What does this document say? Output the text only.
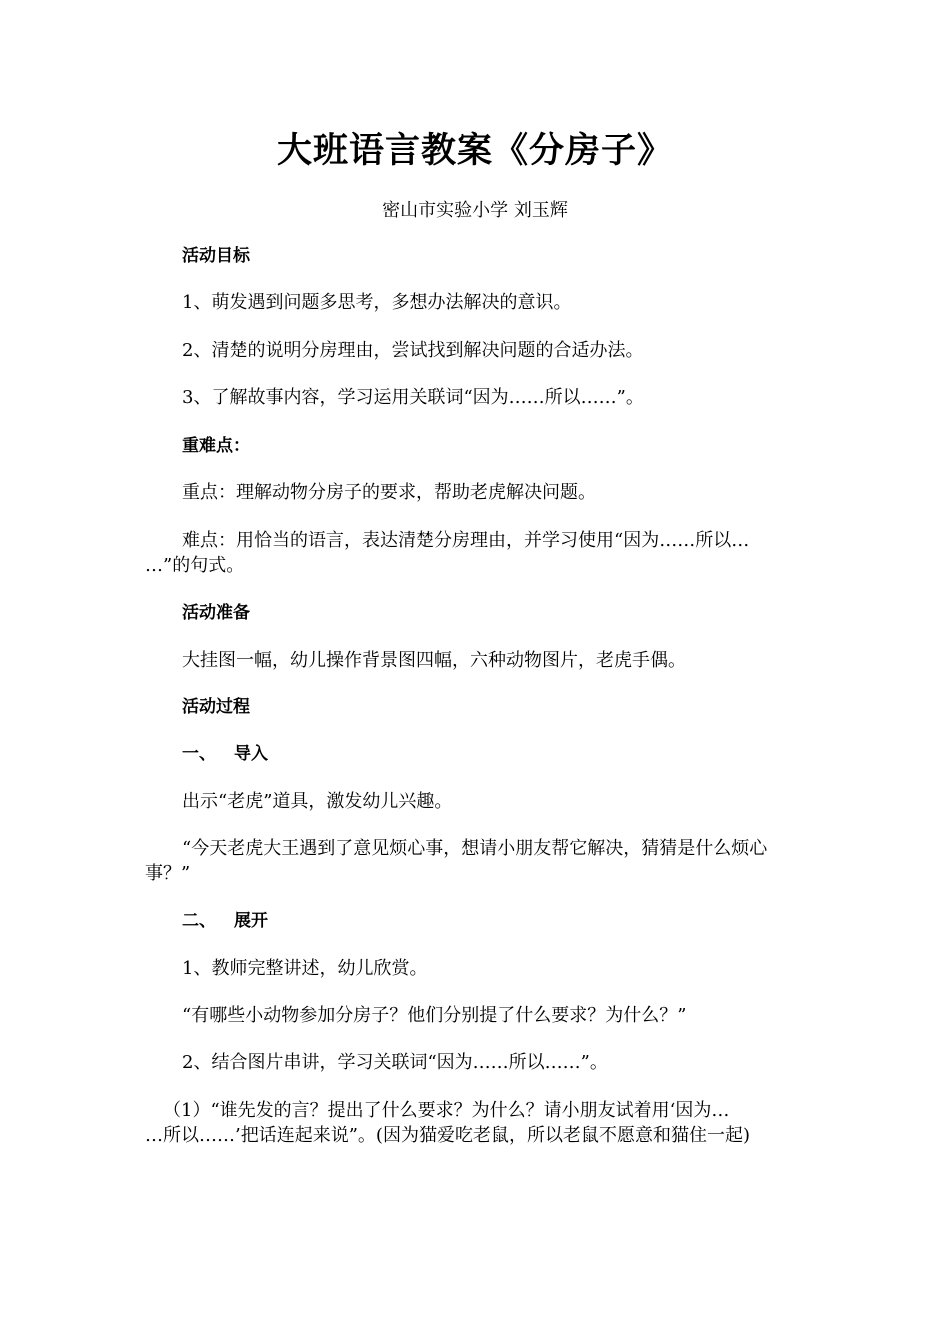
大班语言教案《分房子》
密山市实验小学 刘玉辉
活动目标
1、萌发遇到问题多思考，多想办法解决的意识。
2、清楚的说明分房理由，尝试找到解决问题的合适办法。
3、了解故事内容，学习运用关联词“因为……所以……”。
重难点：
重点：理解动物分房子的要求，帮助老虎解决问题。
难点：用恰当的语言，表达清楚分房理由，并学习使用“因为……所以…
…”的句式。
活动准备
大挂图一幅，幼儿操作背景图四幅，六种动物图片，老虎手偶。
活动过程
一、 导入
出示“老虎”道具，激发幼儿兴趣。
“今天老虎大王遇到了意见烦心事，想请小朋友帮它解决，猜猜是什么烦心
事？”
二、 展开
1、教师完整讲述，幼儿欣赏。
“有哪些小动物参加分房子？他们分别提了什么要求？为什么？”
2、结合图片串讲，学习关联词“因为……所以……”。
（1）“谁先发的言？提出了什么要求？为什么？请小朋友试着用‘因为…
…所以……’把话连起来说”。(因为猫爱吃老鼠，所以老鼠不愿意和猫住一起)
